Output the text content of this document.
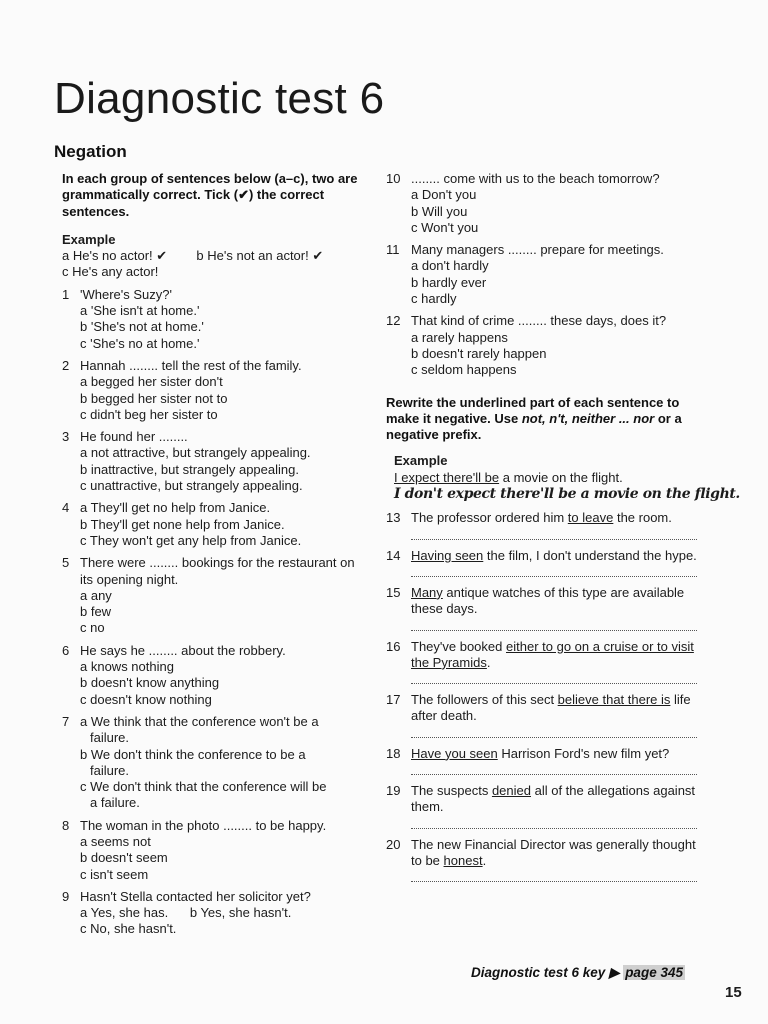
Diagnostic test 6
Negation

In each group of sentences below (a–c), two are grammatically correct. Tick (✔) the correct sentences.

Example

a He's no actor! ✔ b He's not an actor! ✔

c He's any actor!

1 'Where's Suzy?'
a 'She isn't at home.'
b 'She's not at home.'
c 'She's no at home.'
2 Hannah ........ tell the rest of the family.
a begged her sister don't
b begged her sister not to
c didn't beg her sister to
3 He found her ........
a not attractive, but strangely appealing.
b inattractive, but strangely appealing.
c unattractive, but strangely appealing.
4 a They'll get no help from Janice.
b They'll get none help from Janice.
c They won't get any help from Janice.
5 There were ........ bookings for the restaurant on its opening night.
a any
b few
c no
6 He says he ........ about the robbery.
a knows nothing
b doesn't know anything
c doesn't know nothing
7 a We think that the conference won't be a
failure.
b We don't think the conference to be a
failure.
c We don't think that the conference will be
a failure.
8 The woman in the photo ........ to be happy.
a seems not
b doesn't seem
c isn't seem
9 Hasn't Stella contacted her solicitor yet?
a Yes, she has.      b Yes, she hasn't.
c No, she hasn't.
10 ........ come with us to the beach tomorrow?
a Don't you
b Will you
c Won't you
11 Many managers ........ prepare for meetings.
a don't hardly
b hardly ever
c hardly
12 That kind of crime ........ these days, does it?
a rarely happens
b doesn't rarely happen
c seldom happens

Rewrite the underlined part of each sentence to make it negative. Use not, n't, neither ... nor or a negative prefix.

Example

I expect there'll be a movie on the flight.

I don't expect there'll be a movie on the flight.

13 The professor ordered him to leave the room.
14 Having seen the film, I don't understand the hype.
15 Many antique watches of this type are available these days.
16 They've booked either to go on a cruise or to visit the Pyramids.
17 The followers of this sect believe that there is life after death.
18 Have you seen Harrison Ford's new film yet?
19 The suspects denied all of the allegations against them.
20 The new Financial Director was generally thought to be honest.
Diagnostic test 6 key ▶ page 345
15
